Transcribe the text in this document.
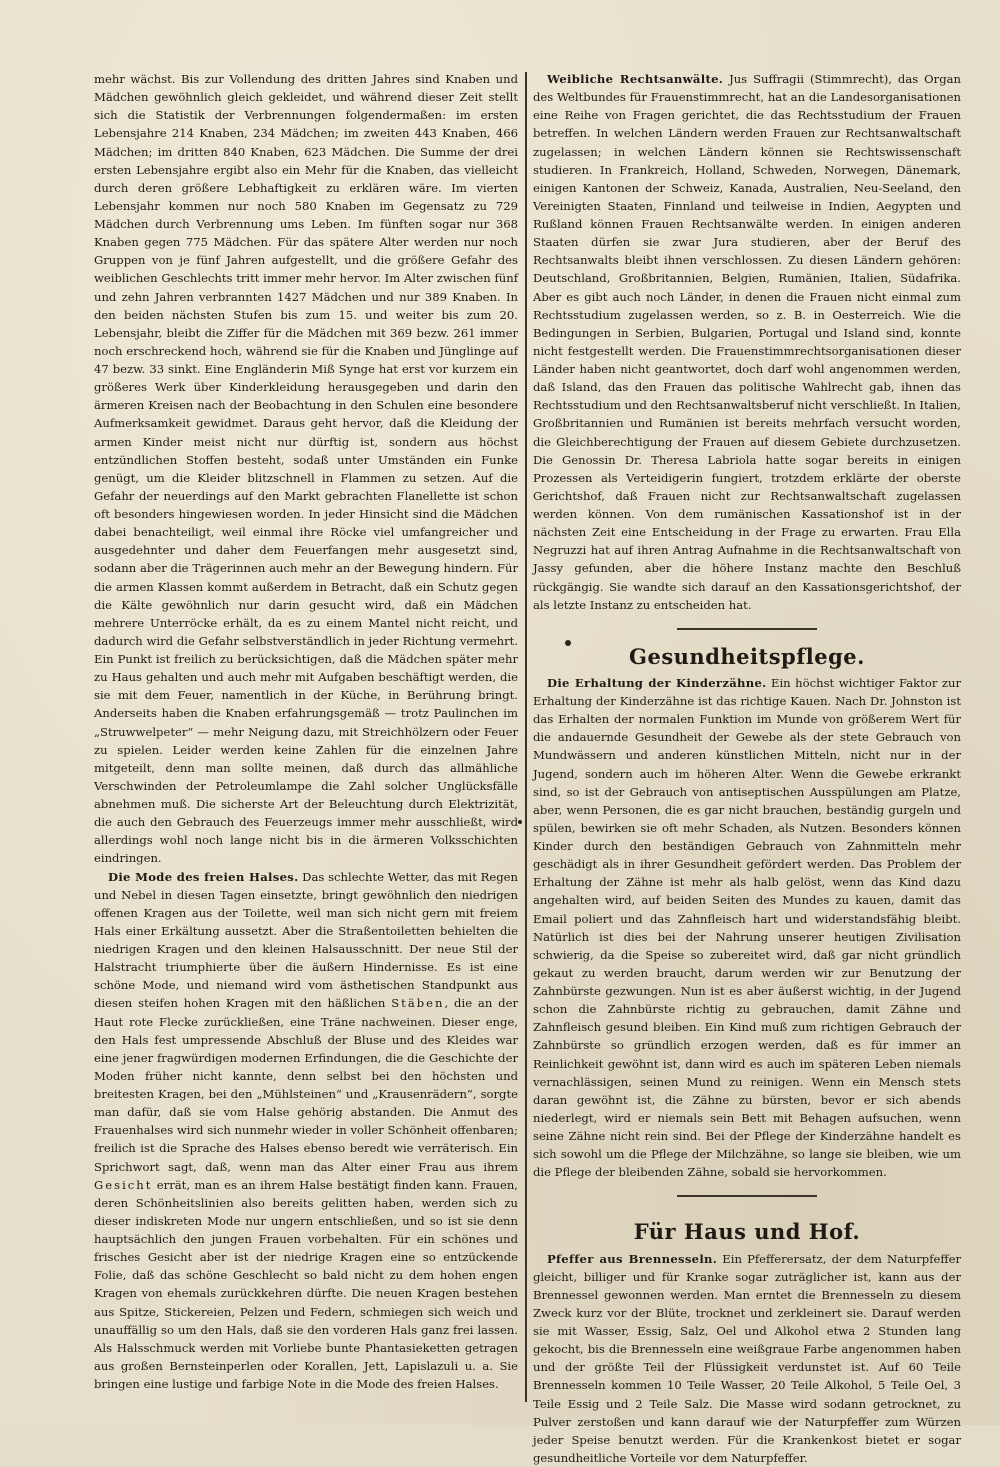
mehr wächst. Bis zur Vollendung des dritten Jahres sind Knaben und Mädchen gewöhnlich gleich gekleidet, und während dieser Zeit stellt sich die Statistik der Verbrennungen folgendermaßen: im ersten Lebensjahre 214 Knaben, 234 Mädchen; im zweiten 443 Knaben, 466 Mädchen; im dritten 840 Knaben, 623 Mädchen. Die Summe der drei ersten Lebensjahre ergibt also ein Mehr für die Knaben, das vielleicht durch deren größere Lebhaftigkeit zu erklären wäre. Im vierten Lebensjahr kommen nur noch 580 Knaben im Gegensatz zu 729 Mädchen durch Verbrennung ums Leben. Im fünften sogar nur 368 Knaben gegen 775 Mädchen. Für das spätere Alter werden nur noch Gruppen von je fünf Jahren aufgestellt, und die größere Gefahr des weiblichen Geschlechts tritt immer mehr hervor. Im Alter zwischen fünf und zehn Jahren verbrannten 1427 Mädchen und nur 389 Knaben. In den beiden nächsten Stufen bis zum 15. und weiter bis zum 20. Lebensjahr, bleibt die Ziffer für die Mädchen mit 369 bezw. 261 immer noch erschreckend hoch, während sie für die Knaben und Jünglinge auf 47 bezw. 33 sinkt. Eine Engländerin Miß Synge hat erst vor kurzem ein größeres Werk über Kinderkleidung herausgegeben und darin den ärmeren Kreisen nach der Beobachtung in den Schulen eine besondere Aufmerksamkeit gewidmet. Daraus geht hervor, daß die Kleidung der armen Kinder meist nicht nur dürftig ist, sondern aus höchst entzündlichen Stoffen besteht, sodaß unter Umständen ein Funke genügt, um die Kleider blitzschnell in Flammen zu setzen. Auf die Gefahr der neuerdings auf den Markt gebrachten Flanellette ist schon oft besonders hingewiesen worden. In jeder Hinsicht sind die Mädchen dabei benachteiligt, weil einmal ihre Röcke viel umfangreicher und ausgedehnter und daher dem Feuerfangen mehr ausgesetzt sind, sodann aber die Trägerinnen auch mehr an der Bewegung hindern. Für die armen Klassen kommt außerdem in Betracht, daß ein Schutz gegen die Kälte gewöhnlich nur darin gesucht wird, daß ein Mädchen mehrere Unterröcke erhält, da es zu einem Mantel nicht reicht, und dadurch wird die Gefahr selbstverständlich in jeder Richtung vermehrt. Ein Punkt ist freilich zu berücksichtigen, daß die Mädchen später mehr zu Haus gehalten und auch mehr mit Aufgaben beschäftigt werden, die sie mit dem Feuer, namentlich in der Küche, in Berührung bringt. Anderseits haben die Knaben erfahrungsgemäß — trotz Paulinchen im „Struwwelpeter“ — mehr Neigung dazu, mit Streichhölzern oder Feuer zu spielen. Leider werden keine Zahlen für die einzelnen Jahre mitgeteilt, denn man sollte meinen, daß durch das allmähliche Verschwinden der Petroleumlampe die Zahl solcher Unglücksfälle abnehmen muß. Die sicherste Art der Beleuchtung durch Elektrizität, die auch den Gebrauch des Feuerzeugs immer mehr ausschließt, wird allerdings wohl noch lange nicht bis in die ärmeren Volksschichten eindringen.

Die Mode des freien Halses. Das schlechte Wetter, das mit Regen und Nebel in diesen Tagen einsetzte, bringt gewöhnlich den niedrigen offenen Kragen aus der Toilette, weil man sich nicht gern mit freiem Hals einer Erkältung aussetzt. Aber die Straßentoiletten behielten die niedrigen Kragen und den kleinen Halsausschnitt. Der neue Stil der Halstracht triumphierte über die äußern Hindernisse. Es ist eine schöne Mode, und niemand wird vom ästhetischen Standpunkt aus diesen steifen hohen Kragen mit den häßlichen Stäben, die an der Haut rote Flecke zurückließen, eine Träne nachweinen. Dieser enge, den Hals fest umpressende Abschluß der Bluse und des Kleides war eine jener fragwürdigen modernen Erfindungen, die die Geschichte der Moden früher nicht kannte, denn selbst bei den höchsten und breitesten Kragen, bei den „Mühlsteinen“ und „Krausenrädern“, sorgte man dafür, daß sie vom Halse gehörig abstanden. Die Anmut des Frauenhalses wird sich nunmehr wieder in voller Schönheit offenbaren; freilich ist die Sprache des Halses ebenso beredt wie verräterisch. Ein Sprichwort sagt, daß, wenn man das Alter einer Frau aus ihrem Gesicht errät, man es an ihrem Halse bestätigt finden kann. Frauen, deren Schönheitslinien also bereits gelitten haben, werden sich zu dieser indiskreten Mode nur ungern entschließen, und so ist sie denn hauptsächlich den jungen Frauen vorbehalten. Für ein schönes und frisches Gesicht aber ist der niedrige Kragen eine so entzückende Folie, daß das schöne Geschlecht so bald nicht zu dem hohen engen Kragen von ehemals zurückkehren dürfte. Die neuen Kragen bestehen aus Spitze, Stickereien, Pelzen und Federn, schmiegen sich weich und unauffällig so um den Hals, daß sie den vorderen Hals ganz frei lassen. Als Halsschmuck werden mit Vorliebe bunte Phantasieketten getragen aus großen Bernsteinperlen oder Korallen, Jett, Lapislazuli u. a. Sie bringen eine lustige und farbige Note in die Mode des freien Halses.

Weibliche Rechtsanwälte. Jus Suffragii (Stimmrecht), das Organ des Weltbundes für Frauenstimmrecht, hat an die Landesorganisationen eine Reihe von Fragen gerichtet, die das Rechtsstudium der Frauen betreffen. In welchen Ländern werden Frauen zur Rechtsanwaltschaft zugelassen; in welchen Ländern können sie Rechtswissenschaft studieren. In Frankreich, Holland, Schweden, Norwegen, Dänemark, einigen Kantonen der Schweiz, Kanada, Australien, Neu-Seeland, den Vereinigten Staaten, Finnland und teilweise in Indien, Aegypten und Rußland können Frauen Rechtsanwälte werden. In einigen anderen Staaten dürfen sie zwar Jura studieren, aber der Beruf des Rechtsanwalts bleibt ihnen verschlossen. Zu diesen Ländern gehören: Deutschland, Großbritannien, Belgien, Rumänien, Italien, Südafrika. Aber es gibt auch noch Länder, in denen die Frauen nicht einmal zum Rechtsstudium zugelassen werden, so z. B. in Oesterreich. Wie die Bedingungen in Serbien, Bulgarien, Portugal und Island sind, konnte nicht festgestellt werden. Die Frauenstimmrechtsorganisationen dieser Länder haben nicht geantwortet, doch darf wohl angenommen werden, daß Island, das den Frauen das politische Wahlrecht gab, ihnen das Rechtsstudium und den Rechtsanwaltsberuf nicht verschließt. In Italien, Großbritannien und Rumänien ist bereits mehrfach versucht worden, die Gleichberechtigung der Frauen auf diesem Gebiete durchzusetzen. Die Genossin Dr. Theresa Labriola hatte sogar bereits in einigen Prozessen als Verteidigerin fungiert, trotzdem erklärte der oberste Gerichtshof, daß Frauen nicht zur Rechtsanwaltschaft zugelassen werden können. Von dem rumänischen Kassationshof ist in der nächsten Zeit eine Entscheidung in der Frage zu erwarten. Frau Ella Negruzzi hat auf ihren Antrag Aufnahme in die Rechtsanwaltschaft von Jassy gefunden, aber die höhere Instanz machte den Beschluß rückgängig. Sie wandte sich darauf an den Kassationsgerichtshof, der als letzte Instanz zu entscheiden hat.

Gesundheitspflege.

Die Erhaltung der Kinderzähne. Ein höchst wichtiger Faktor zur Erhaltung der Kinderzähne ist das richtige Kauen. Nach Dr. Johnston ist das Erhalten der normalen Funktion im Munde von größerem Wert für die andauernde Gesundheit der Gewebe als der stete Gebrauch von Mundwässern und anderen künstlichen Mitteln, nicht nur in der Jugend, sondern auch im höheren Alter. Wenn die Gewebe erkrankt sind, so ist der Gebrauch von antiseptischen Ausspülungen am Platze, aber, wenn Personen, die es gar nicht brauchen, beständig gurgeln und spülen, bewirken sie oft mehr Schaden, als Nutzen. Besonders können Kinder durch den beständigen Gebrauch von Zahnmitteln mehr geschädigt als in ihrer Gesundheit gefördert werden. Das Problem der Erhaltung der Zähne ist mehr als halb gelöst, wenn das Kind dazu angehalten wird, auf beiden Seiten des Mundes zu kauen, damit das Email poliert und das Zahnfleisch hart und widerstandsfähig bleibt. Natürlich ist dies bei der Nahrung unserer heutigen Zivilisation schwierig, da die Speise so zubereitet wird, daß gar nicht gründlich gekaut zu werden braucht, darum werden wir zur Benutzung der Zahnbürste gezwungen. Nun ist es aber äußerst wichtig, in der Jugend schon die Zahnbürste richtig zu gebrauchen, damit Zähne und Zahnfleisch gesund bleiben. Ein Kind muß zum richtigen Gebrauch der Zahnbürste so gründlich erzogen werden, daß es für immer an Reinlichkeit gewöhnt ist, dann wird es auch im späteren Leben niemals vernachlässigen, seinen Mund zu reinigen. Wenn ein Mensch stets daran gewöhnt ist, die Zähne zu bürsten, bevor er sich abends niederlegt, wird er niemals sein Bett mit Behagen aufsuchen, wenn seine Zähne nicht rein sind. Bei der Pflege der Kinderzähne handelt es sich sowohl um die Pflege der Milchzähne, so lange sie bleiben, wie um die Pflege der bleibenden Zähne, sobald sie hervorkommen.

Für Haus und Hof.

Pfeffer aus Brennesseln. Ein Pfefferersatz, der dem Naturpfeffer gleicht, billiger und für Kranke sogar zuträglicher ist, kann aus der Brennessel gewonnen werden. Man erntet die Brennesseln zu diesem Zweck kurz vor der Blüte, trocknet und zerkleinert sie. Darauf werden sie mit Wasser, Essig, Salz, Oel und Alkohol etwa 2 Stunden lang gekocht, bis die Brennesseln eine weißgraue Farbe angenommen haben und der größte Teil der Flüssigkeit verdunstet ist. Auf 60 Teile Brennesseln kommen 10 Teile Wasser, 20 Teile Alkohol, 5 Teile Oel, 3 Teile Essig und 2 Teile Salz. Die Masse wird sodann getrocknet, zu Pulver zerstoßen und kann darauf wie der Naturpfeffer zum Würzen jeder Speise benutzt werden. Für die Krankenkost bietet er sogar gesundheitliche Vorteile vor dem Naturpfeffer.
